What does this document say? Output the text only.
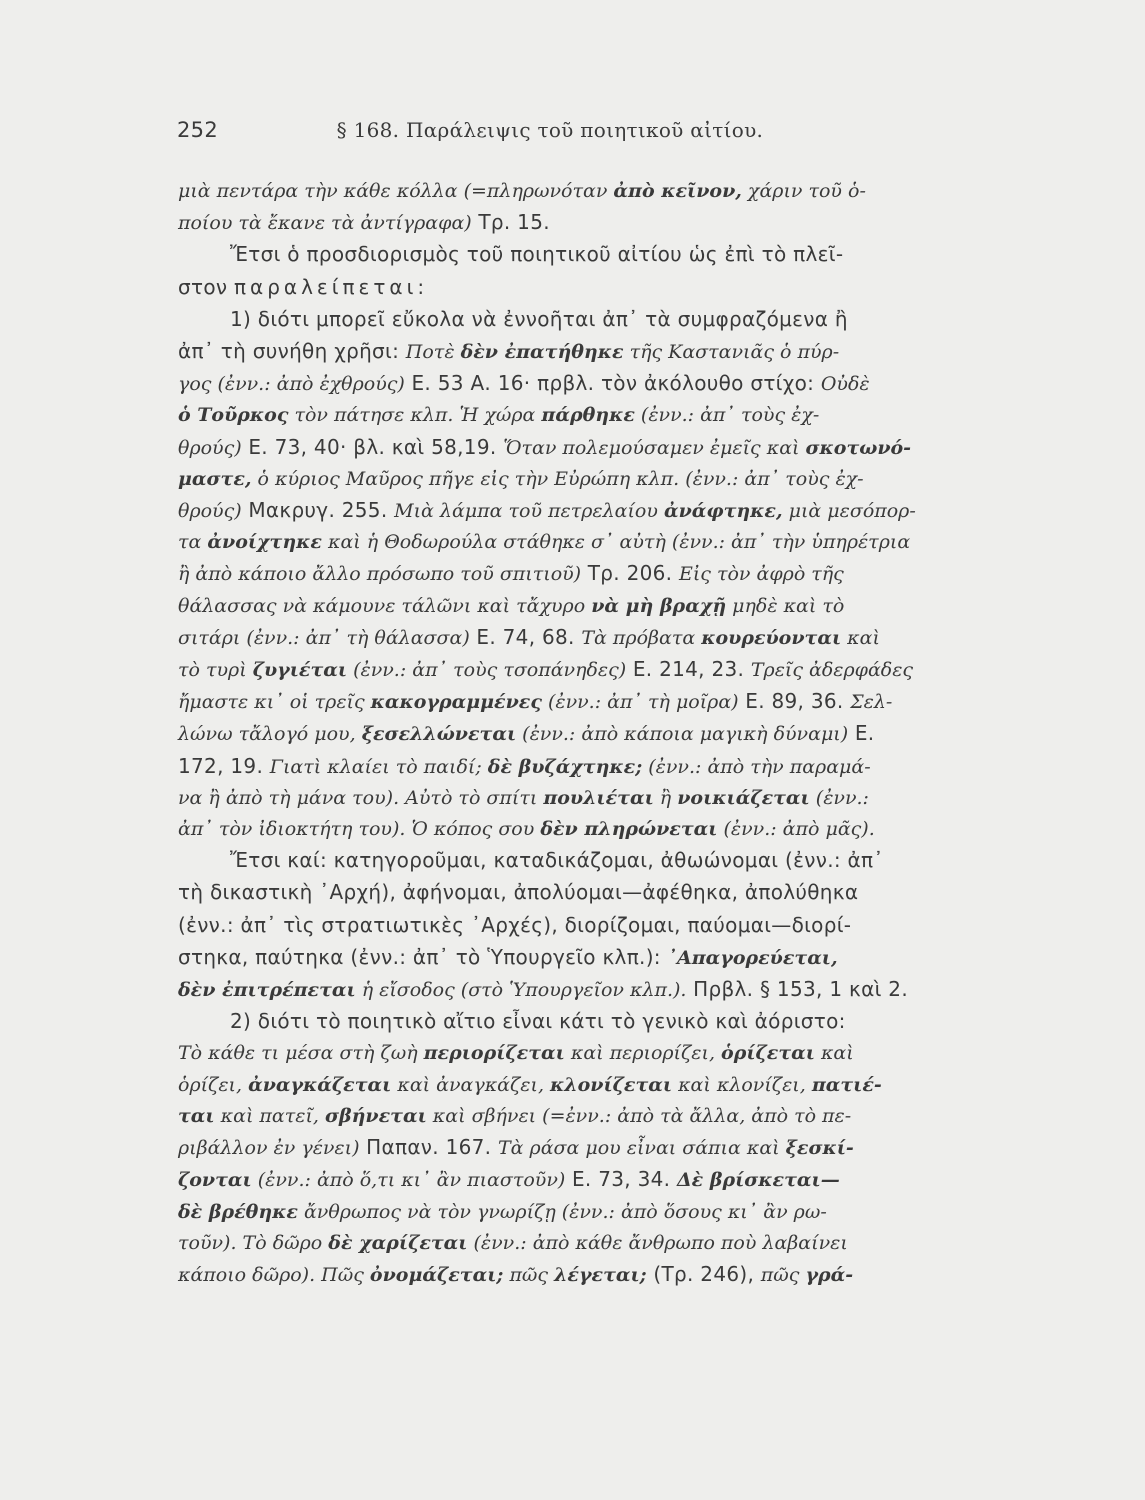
252	§ 168. Παράλειψις τοῦ ποιητικοῦ αἰτίου.
μιὰ πεντάρα τὴν κάθε κόλλα (=πληρωνόταν ἀπὸ κεῖνον, χάριν τοῦ ὁ-
ποίου τὰ ἔκανε τὰ ἀντίγραφα) Τρ. 15.
Ἔτσι ὁ προσδιορισμὸς τοῦ ποιητικοῦ αἰτίου ὡς ἐπὶ τὸ πλεῖ-
στον παραλείπεται:
1) διότι μπορεῖ εὔκολα νὰ ἐννοῆται ἀπ᾽ τὰ συμφραζόμενα ἢ
ἀπ᾽ τὴ συνήθη χρῆσι: Ποτὲ δὲν ἐπατήθηκε τῆς Καστανιᾶς ὁ πύρ-
γος (ἐνν.: ἀπὸ ἐχθρούς) Ε. 53 Α. 16· πρβλ. τὸν ἀκόλουθο στίχο: Οὐδὲ
ὁ Τοῦρκος τὸν πάτησε κλπ. Ἡ χώρα πάρθηκε (ἐνν.: ἀπ᾽ τοὺς ἐχ-
θρούς) Ε. 73, 40· βλ. καὶ 58,19. Ὅταν πολεμούσαμεν ἐμεῖς καὶ σκοτωνό-
μαστε, ὁ κύριος Μαῦρος πῆγε εἰς τὴν Εὐρώπη κλπ. (ἐνν.: ἀπ᾽ τοὺς ἐχ-
θρούς) Μακρυγ. 255. Μιὰ λάμπα τοῦ πετρελαίου ἀνάφτηκε, μιὰ μεσόπορ-
τα ἀνοίχτηκε καὶ ἡ Θοδωρούλα στάθηκε σ᾽ αὐτὴ (ἐνν.: ἀπ᾽ τὴν ὑπηρέτρια
ἢ ἀπὸ κάποιο ἄλλο πρόσωπο τοῦ σπιτιοῦ) Τρ. 206. Εἰς τὸν ἀφρὸ τῆς
θάλασσας νὰ κάμουνε τάλῶνι καὶ τἄχυρο νὰ μὴ βραχῇ μηδὲ καὶ τὸ
σιτάρι (ἐνν.: ἀπ᾽ τὴ θάλασσα) Ε. 74, 68. Τὰ πρόβατα κουρεύονται καὶ
τὸ τυρὶ ζυγιέται (ἐνν.: ἀπ᾽ τοὺς τσοπάνηδες) Ε. 214, 23. Τρεῖς ἀδερφάδες
ἤμαστε κι᾽ οἱ τρεῖς κακογραμμένες (ἐνν.: ἀπ᾽ τὴ μοῖρα) Ε. 89, 36. Σελ-
λώνω τἄλογό μου, ξεσελλώνεται (ἐνν.: ἀπὸ κάποια μαγικὴ δύναμι) Ε.
172, 19. Γιατὶ κλαίει τὸ παιδί; δὲ βυζάχτηκε; (ἐνν.: ἀπὸ τὴν παραμά-
να ἢ ἀπὸ τὴ μάνα του). Αὐτὸ τὸ σπίτι πουλιέται ἢ νοικιάζεται (ἐνν.:
ἀπ᾽ τὸν ἰδιοκτήτη του). Ὁ κόπος σου δὲν πληρώνεται (ἐνν.: ἀπὸ μᾶς).
Ἔτσι καί: κατηγοροῦμαι, καταδικάζομαι, ἀθωώνομαι (ἐνν.: ἀπ᾽
τὴ δικαστικὴ ᾽Αρχή), ἀφήνομαι, ἀπολύομαι—ἀφέθηκα, ἀπολύθηκα
(ἐνν.: ἀπ᾽ τὶς στρατιωτικὲς ᾽Αρχές), διορίζομαι, παύομαι—διορί-
στηκα, παύτηκα (ἐνν.: ἀπ᾽ τὸ Ὑπουργεῖο κλπ.): ᾽Απαγορεύεται,
δὲν ἐπιτρέπεται ἡ εἴσοδος (στὸ Ὑπουργεῖον κλπ.). Πρβλ. § 153, 1 καὶ 2.
2) διότι τὸ ποιητικὸ αἴτιο εἶναι κάτι τὸ γενικὸ καὶ ἀόριστο:
Τὸ κάθε τι μέσα στὴ ζωὴ περιορίζεται καὶ περιορίζει, ὁρίζεται καὶ
ὁρίζει, ἀναγκάζεται καὶ ἀναγκάζει, κλονίζεται καὶ κλονίζει, πατιέ-
ται καὶ πατεῖ, σβήνεται καὶ σβήνει (=ἐνν.: ἀπὸ τὰ ἄλλα, ἀπὸ τὸ πε-
ριβάλλον ἐν γένει) Παπαν. 167. Τὰ ράσα μου εἶναι σάπια καὶ ξεσκί-
ζονται (ἐνν.: ἀπὸ ὅ,τι κι᾽ ἂν πιαστοῦν) Ε. 73, 34. Δὲ βρίσκεται—
δὲ βρέθηκε ἄνθρωπος νὰ τὸν γνωρίζῃ (ἐνν.: ἀπὸ ὅσους κι᾽ ἂν ρω-
τοῦν). Τὸ δῶρο δὲ χαρίζεται (ἐνν.: ἀπὸ κάθε ἄνθρωπο ποὺ λαβαίνει
κάποιο δῶρο). Πῶς ὀνομάζεται; πῶς λέγεται; (Τρ. 246), πῶς γρά-
